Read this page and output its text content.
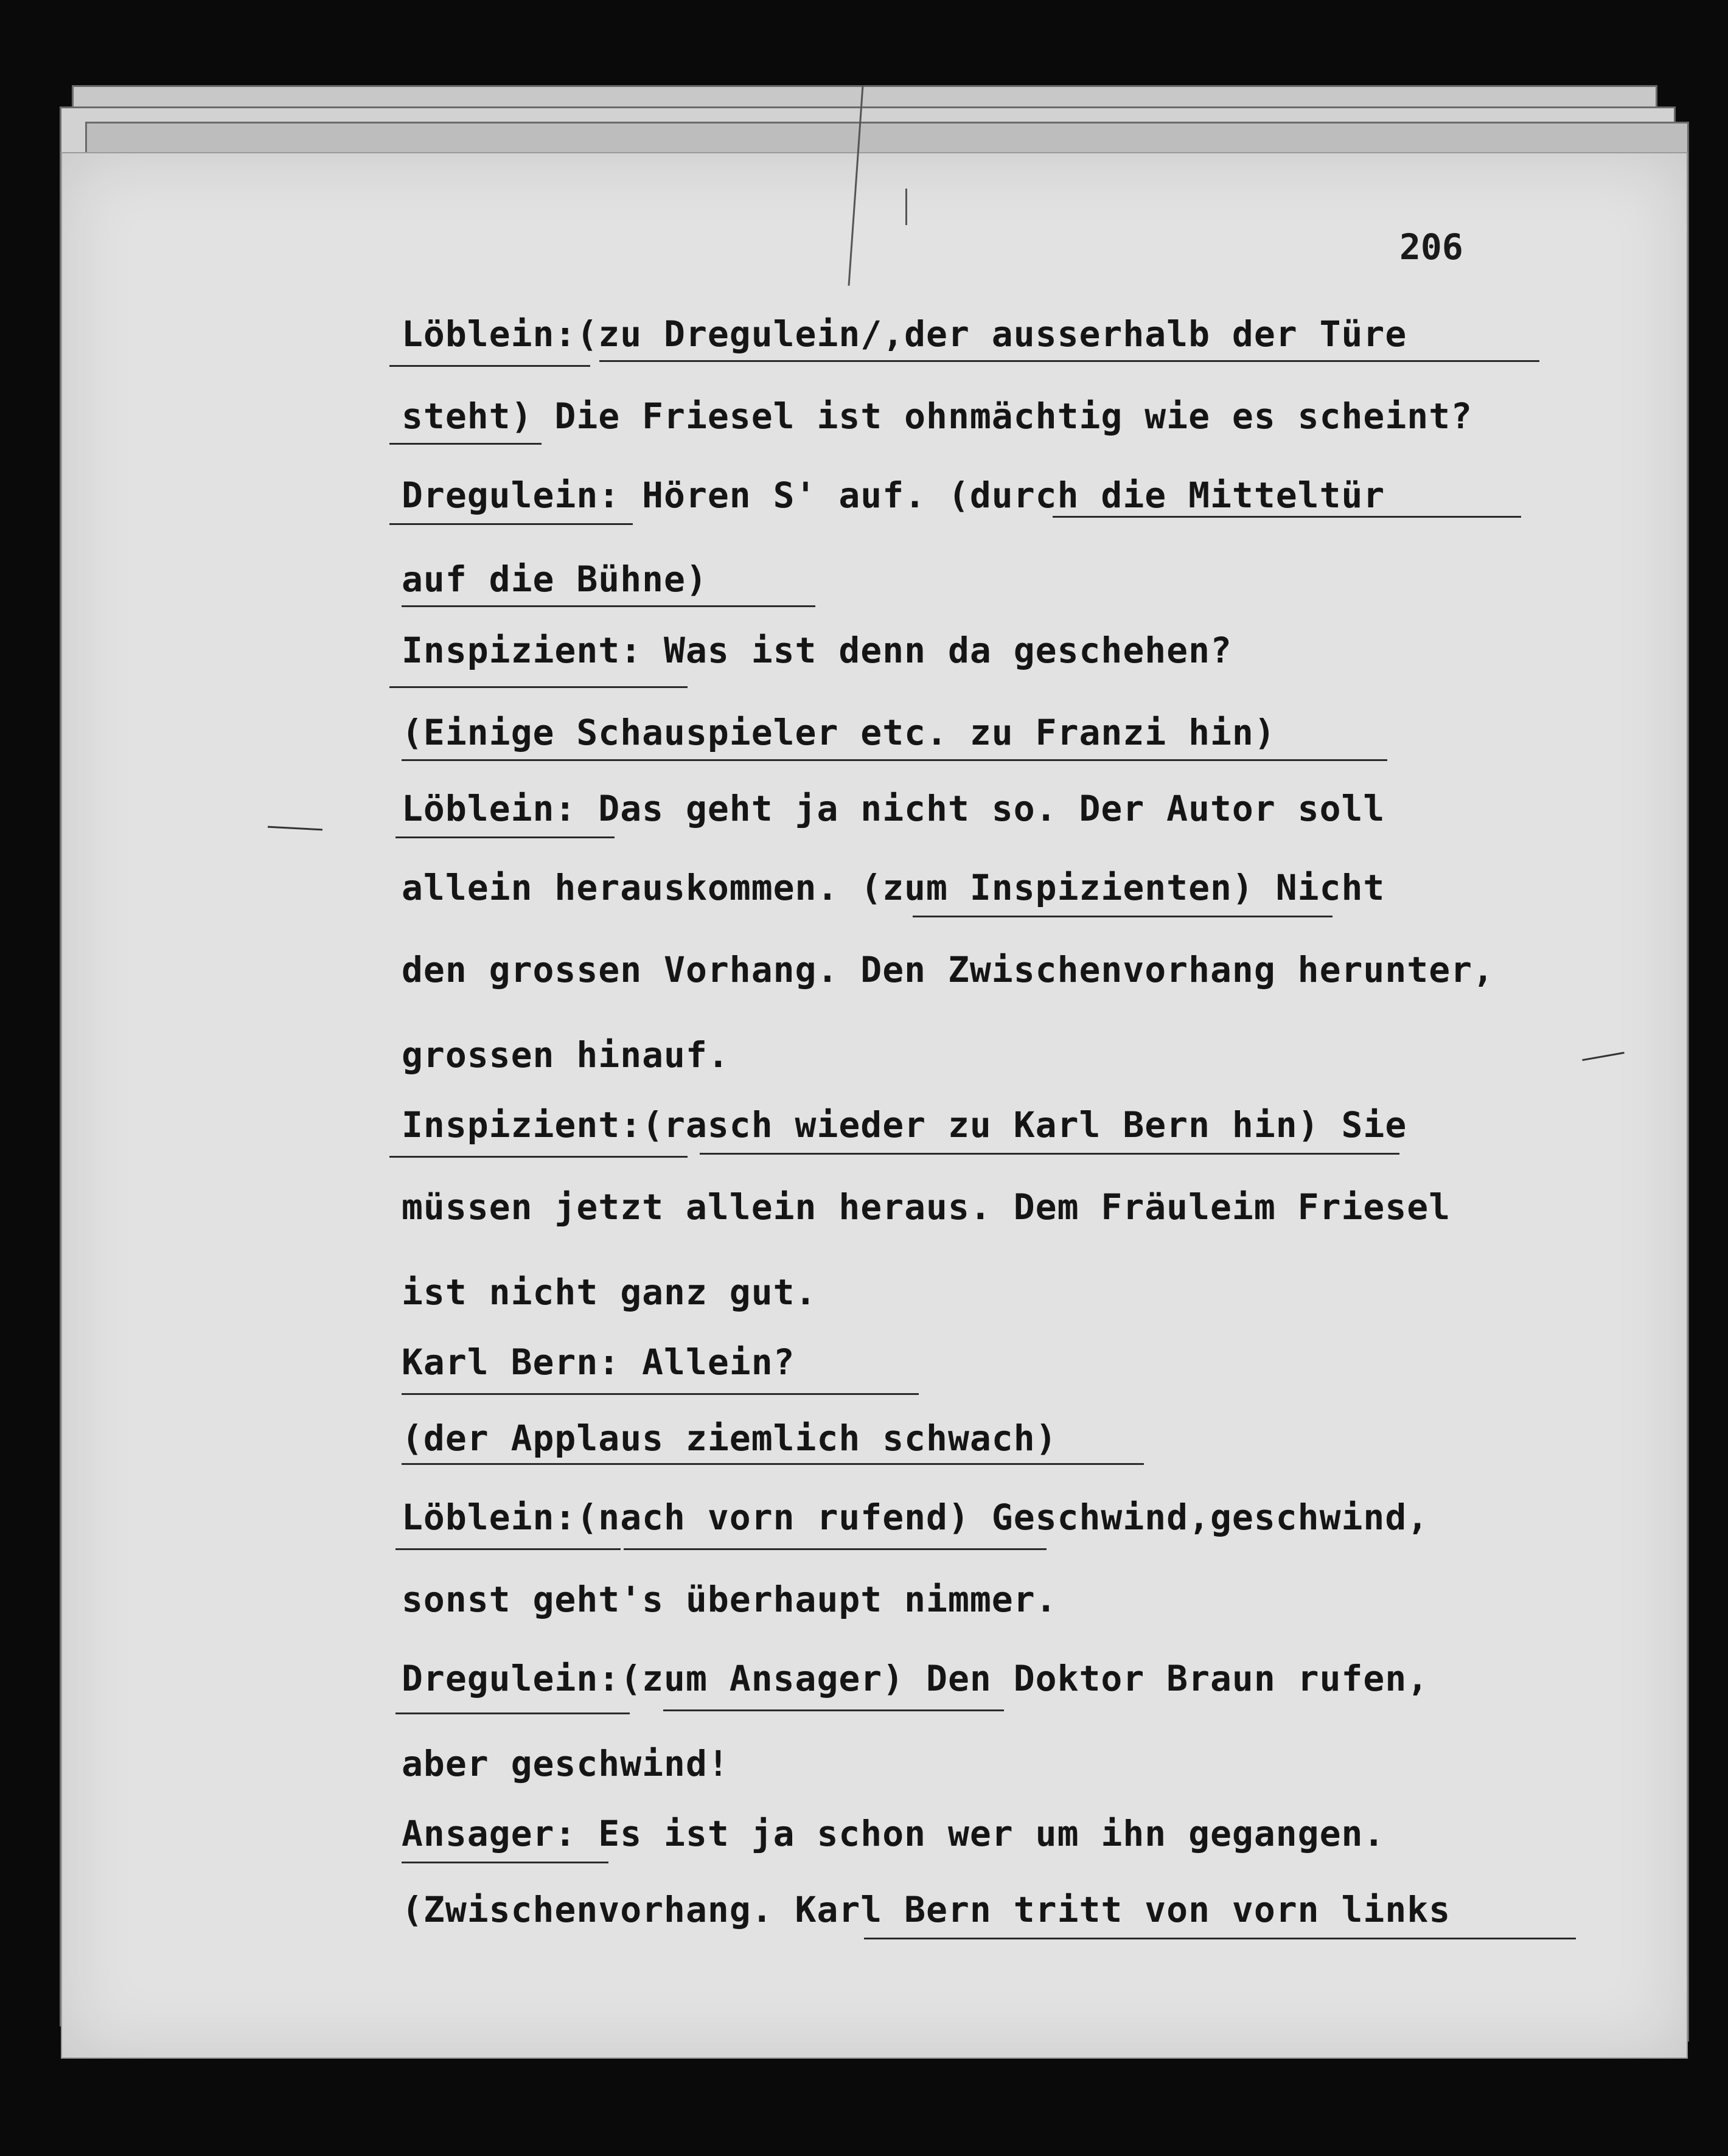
206
Löblein:(zu Dregulein/,der ausserhalb der Türe
steht) Die Friesel ist ohnmächtig wie es scheint?
Dregulein: Hören S' auf. (durch die Mitteltür
auf die Bühne)
Inspizient: Was ist denn da geschehen?
(Einige Schauspieler etc. zu Franzi hin)
Löblein: Das geht ja nicht so. Der Autor soll
allein herauskommen. (zum Inspizienten) Nicht
den grossen Vorhang. Den Zwischenvorhang herunter,
grossen hinauf.
Inspizient:(rasch wieder zu Karl Bern hin) Sie
müssen jetzt allein heraus. Dem Fräuleim Friesel
ist nicht ganz gut.
Karl Bern: Allein?
(der Applaus ziemlich schwach)
Löblein:(nach vorn rufend) Geschwind,geschwind,
sonst geht's überhaupt nimmer.
Dregulein:(zum Ansager) Den Doktor Braun rufen,
aber geschwind!
Ansager: Es ist ja schon wer um ihn gegangen.
(Zwischenvorhang. Karl Bern tritt von vorn links
